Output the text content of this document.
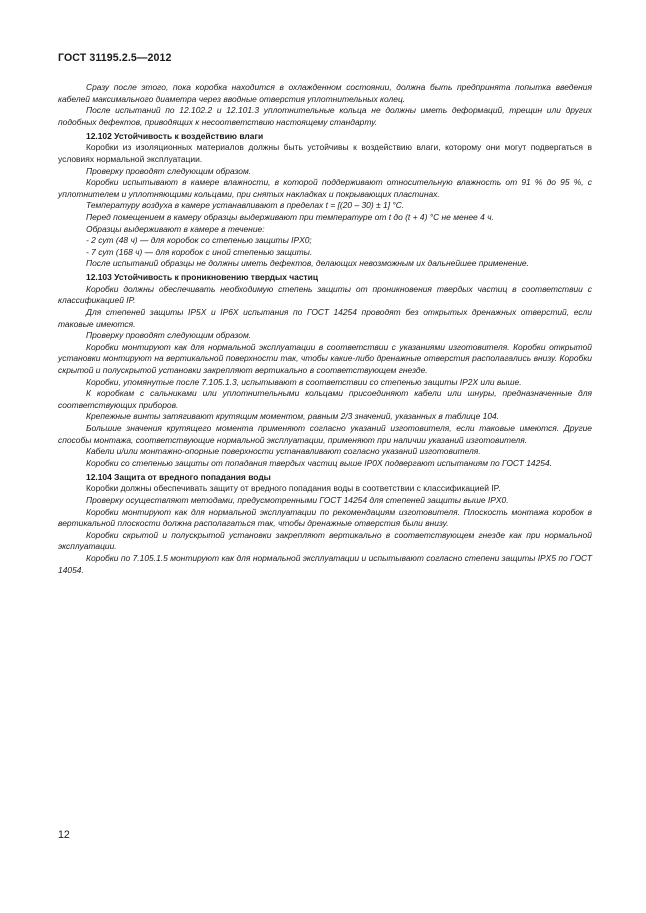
ГОСТ 31195.2.5—2012

Сразу после этого, пока коробка находится в охлажденном состоянии, должна быть предпринята попытка введения кабелей максимального диаметра через вводные отверстия уплотнительных колец.

После испытаний по 12.102.2 и 12.101.3 уплотнительные кольца не должны иметь деформаций, трещин или других подобных дефектов, приводящих к несоответствию настоящему стандарту.

12.102 Устойчивость к воздействию влаги

Коробки из изоляционных материалов должны быть устойчивы к воздействию влаги, которому они могут подвергаться в условиях нормальной эксплуатации.

Проверку проводят следующим образом.

Коробки испытывают в камере влажности, в которой поддерживают относительную влажность от 91 % до 95 %, с уплотнителем и уплотняющими кольцами, при снятых накладках и покрывающих пластинах.

Температуру воздуха в камере устанавливают в пределах t = [(20 – 30) ± 1] °С.

Перед помещением в камеру образцы выдерживают при температуре от t до (t + 4) °С не менее 4 ч.

Образцы выдерживают в камере в течение:

- 2 сут (48 ч) — для коробок со степенью защиты IPX0;

- 7 сут (168 ч) — для коробок с иной степенью защиты.

После испытаний образцы не должны иметь дефектов, делающих невозможным их дальнейшее применение.

12.103 Устойчивость к проникновению твердых частиц

Коробки должны обеспечивать необходимую степень защиты от проникновения твердых частиц в соответствии с классификацией IP.

Для степеней защиты IP5X и IP6X испытания по ГОСТ 14254 проводят без открытых дренажных отверстий, если таковые имеются.

Проверку проводят следующим образом.

Коробки монтируют как для нормальной эксплуатации в соответствии с указаниями изготовителя. Коробки открытой установки монтируют на вертикальной поверхности так, чтобы какие-либо дренажные отверстия располагались внизу. Коробки скрытой и полускрытой установки закрепляют вертикально в соответствующем гнезде.

Коробки, упомянутые после 7.105.1.3, испытывают в соответствии со степенью защиты IP2X или выше.

К коробкам с сальниками или уплотнительными кольцами присоединяют кабели или шнуры, предназначенные для соответствующих приборов.

Крепежные винты затягивают крутящим моментом, равным 2/3 значений, указанных в таблице 104.

Большие значения крутящего момента применяют согласно указаний изготовителя, если таковые имеются. Другие способы монтажа, соответствующие нормальной эксплуатации, применяют при наличии указаний изготовителя.

Кабели и/или монтажно-опорные поверхности устанавливают согласно указаний изготовителя.

Коробки со степенью защиты от попадания твердых частиц выше IP0X подвергают испытаниям по ГОСТ 14254.

12.104 Защита от вредного попадания воды

Коробки должны обеспечивать защиту от вредного попадания воды в соответствии с классификацией IP.

Проверку осуществляют методами, предусмотренными ГОСТ 14254 для степеней защиты выше IPX0.

Коробки монтируют как для нормальной эксплуатации по рекомендациям изготовителя. Плоскость монтажа коробок в вертикальной плоскости должна располагаться так, чтобы дренажные отверстия были внизу.

Коробки скрытой и полускрытой установки закрепляют вертикально в соответствующем гнезде как при нормальной эксплуатации.

Коробки по 7.105.1.5 монтируют как для нормальной эксплуатации и испытывают согласно степени защиты IPX5 по ГОСТ 14054.

12
